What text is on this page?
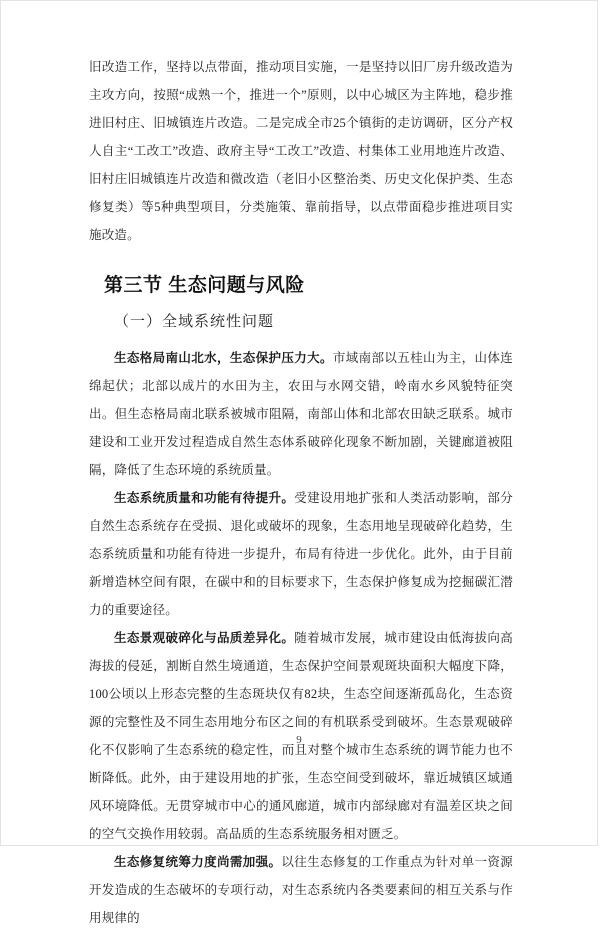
旧改造工作，坚持以点带面，推动项目实施，一是坚持以旧厂房升级改造为主攻方向，按照“成熟一个，推进一个”原则，以中心城区为主阵地，稳步推进旧村庄、旧城镇连片改造。二是完成全市25个镇街的走访调研，区分产权人自主“工改工”改造、政府主导“工改工”改造、村集体工业用地连片改造、旧村庄旧城镇连片改造和微改造（老旧小区整治类、历史文化保护类、生态修复类）等5种典型项目，分类施策、靠前指导，以点带面稳步推进项目实施改造。

第三节 生态问题与风险
（一）全域系统性问题

生态格局南山北水，生态保护压力大。市域南部以五桂山为主，山体连绵起伏；北部以成片的水田为主，农田与水网交错，岭南水乡风貌特征突出。但生态格局南北联系被城市阻隔，南部山体和北部农田缺乏联系。城市建设和工业开发过程造成自然生态体系破碎化现象不断加剧，关键廊道被阻隔，降低了生态环境的系统质量。

生态系统质量和功能有待提升。受建设用地扩张和人类活动影响，部分自然生态系统存在受损、退化或破坏的现象，生态用地呈现破碎化趋势，生态系统质量和功能有待进一步提升，布局有待进一步优化。此外，由于目前新增造林空间有限，在碳中和的目标要求下，生态保护修复成为挖掘碳汇潜力的重要途径。

生态景观破碎化与品质差异化。随着城市发展，城市建设由低海拔向高海拔的侵延，割断自然生境通道，生态保护空间景观斑块面积大幅度下降，100公顷以上形态完整的生态斑块仅有82块，生态空间逐渐孤岛化，生态资源的完整性及不同生态用地分布区之间的有机联系受到破坏。生态景观破碎化不仅影响了生态系统的稳定性，而且对整个城市生态系统的调节能力也不断降低。此外，由于建设用地的扩张，生态空间受到破坏，靠近城镇区域通风环境降低。无贯穿城市中心的通风廊道，城市内部绿廊对有温差区块之间的空气交换作用较弱。高品质的生态系统服务相对匮乏。

生态修复统筹力度尚需加强。以往生态修复的工作重点为针对单一资源开发造成的生态破坏的专项行动，对生态系统内各类要素间的相互关系与作用规律的

9
